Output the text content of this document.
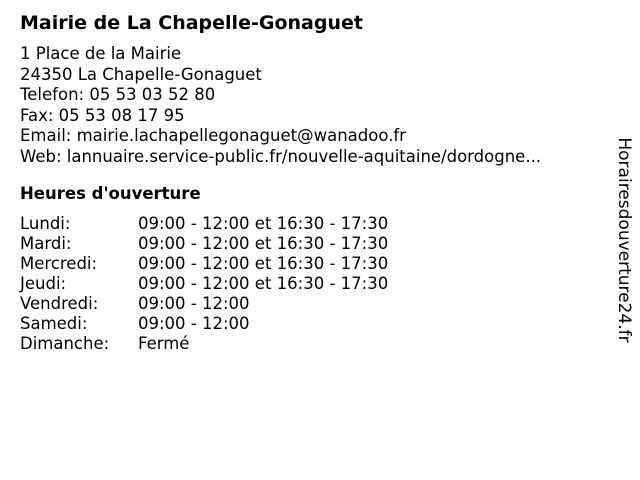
Mairie de La Chapelle-Gonaguet
1 Place de la Mairie
24350 La Chapelle-Gonaguet
Telefon: 05 53 03 52 80
Fax: 05 53 08 17 95
Email: mairie.lachapellegonaguet@wanadoo.fr
Web: lannuaire.service-public.fr/nouvelle-aquitaine/dordogne...
Heures d'ouverture
Lundi:	09:00 - 12:00 et 16:30 - 17:30
Mardi:	09:00 - 12:00 et 16:30 - 17:30
Mercredi:	09:00 - 12:00 et 16:30 - 17:30
Jeudi:	09:00 - 12:00 et 16:30 - 17:30
Vendredi:	09:00 - 12:00
Samedi:	09:00 - 12:00
Dimanche:	Fermé
Horairesdouverture24.fr
